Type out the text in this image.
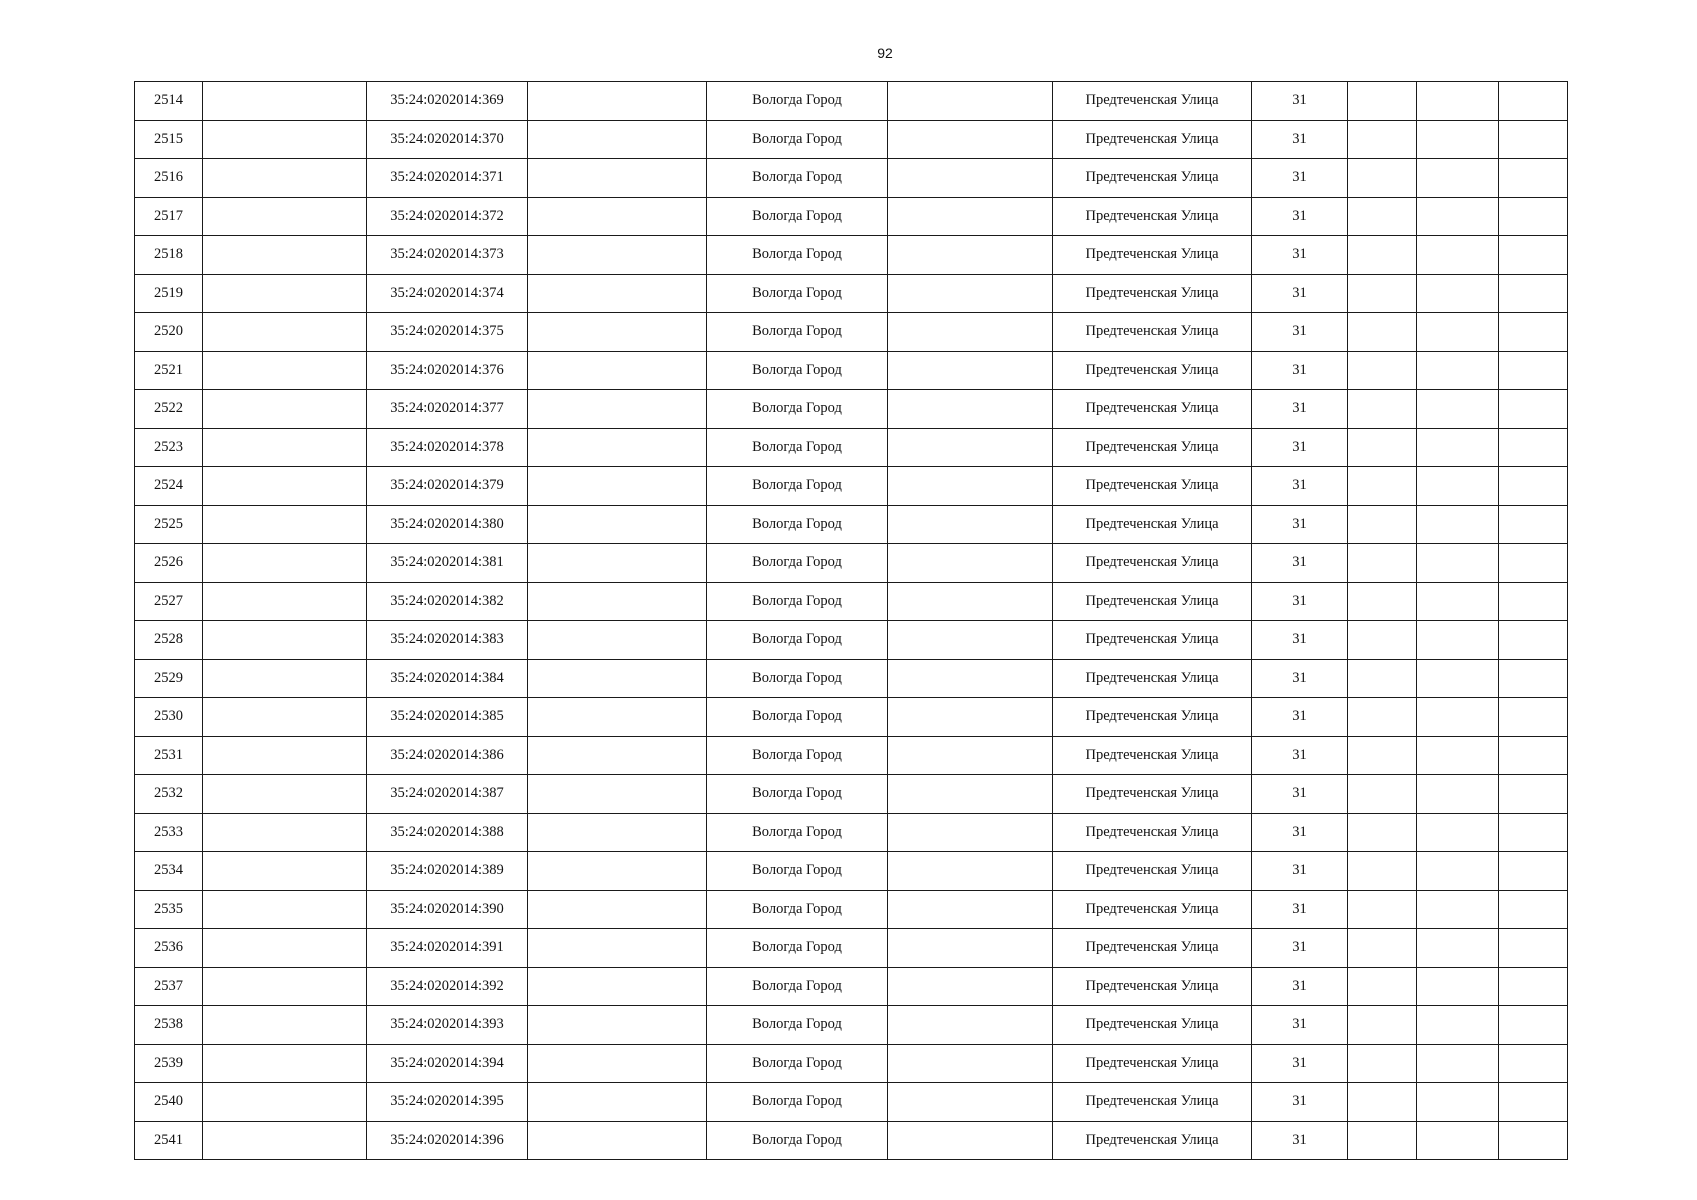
92
2514		35:24:0202014:369		Вологда Город		Предтеченская Улица	31			
2515		35:24:0202014:370		Вологда Город		Предтеченская Улица	31			
2516		35:24:0202014:371		Вологда Город		Предтеченская Улица	31			
2517		35:24:0202014:372		Вологда Город		Предтеченская Улица	31			
2518		35:24:0202014:373		Вологда Город		Предтеченская Улица	31			
2519		35:24:0202014:374		Вологда Город		Предтеченская Улица	31			
2520		35:24:0202014:375		Вологда Город		Предтеченская Улица	31			
2521		35:24:0202014:376		Вологда Город		Предтеченская Улица	31			
2522		35:24:0202014:377		Вологда Город		Предтеченская Улица	31			
2523		35:24:0202014:378		Вологда Город		Предтеченская Улица	31			
2524		35:24:0202014:379		Вологда Город		Предтеченская Улица	31			
2525		35:24:0202014:380		Вологда Город		Предтеченская Улица	31			
2526		35:24:0202014:381		Вологда Город		Предтеченская Улица	31			
2527		35:24:0202014:382		Вологда Город		Предтеченская Улица	31			
2528		35:24:0202014:383		Вологда Город		Предтеченская Улица	31			
2529		35:24:0202014:384		Вологда Город		Предтеченская Улица	31			
2530		35:24:0202014:385		Вологда Город		Предтеченская Улица	31			
2531		35:24:0202014:386		Вологда Город		Предтеченская Улица	31			
2532		35:24:0202014:387		Вологда Город		Предтеченская Улица	31			
2533		35:24:0202014:388		Вологда Город		Предтеченская Улица	31			
2534		35:24:0202014:389		Вологда Город		Предтеченская Улица	31			
2535		35:24:0202014:390		Вологда Город		Предтеченская Улица	31			
2536		35:24:0202014:391		Вологда Город		Предтеченская Улица	31			
2537		35:24:0202014:392		Вологда Город		Предтеченская Улица	31			
2538		35:24:0202014:393		Вологда Город		Предтеченская Улица	31			
2539		35:24:0202014:394		Вологда Город		Предтеченская Улица	31			
2540		35:24:0202014:395		Вологда Город		Предтеченская Улица	31			
2541		35:24:0202014:396		Вологда Город		Предтеченская Улица	31			
